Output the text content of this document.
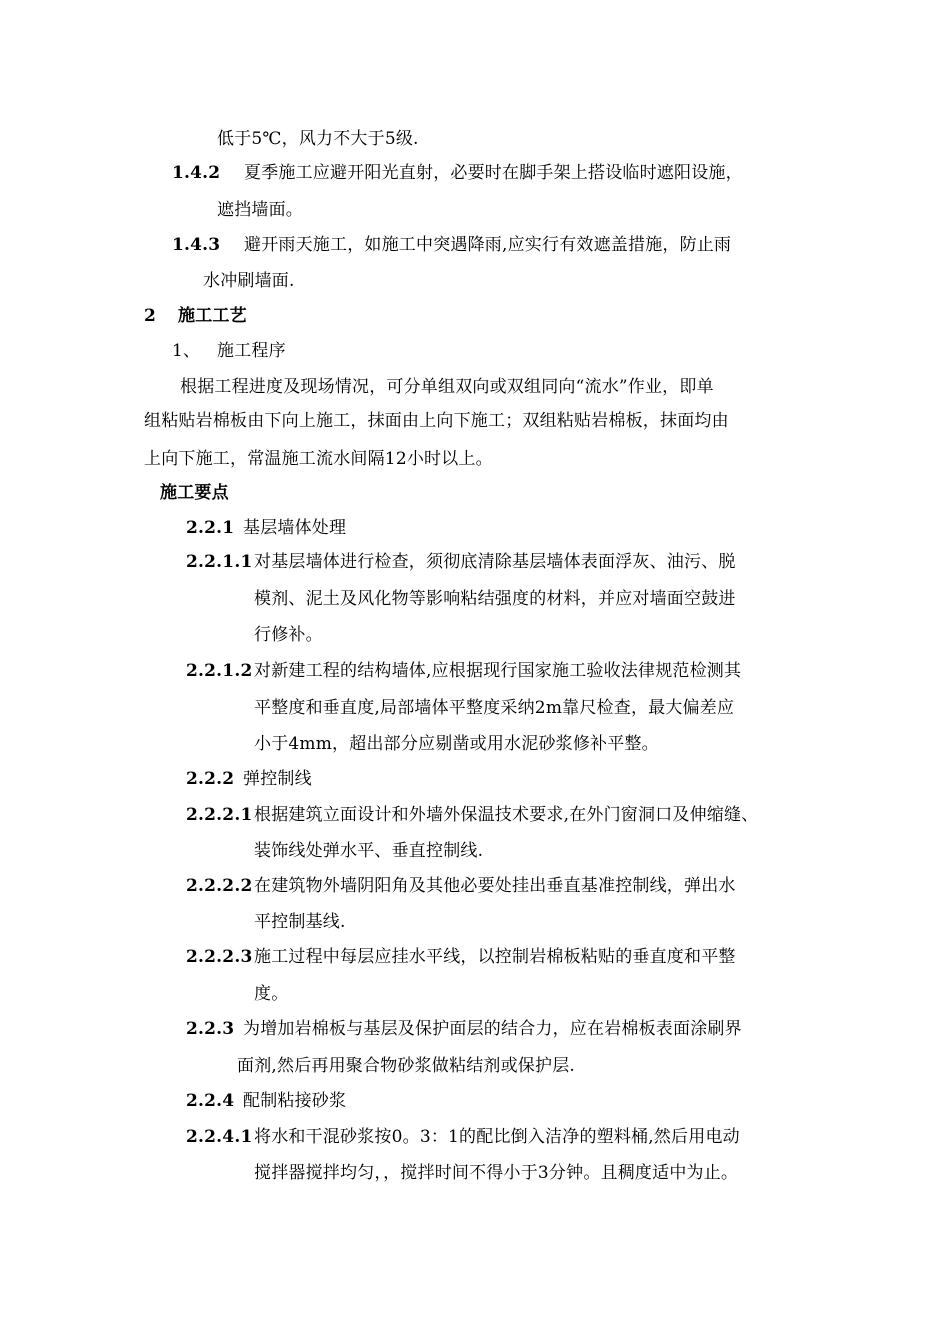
低于5℃，风力不大于5级.
1.4.2 夏季施工应避开阳光直射，必要时在脚手架上搭设临时遮阳设施，
遮挡墙面。
1.4.3 避开雨天施工，如施工中突遇降雨,应实行有效遮盖措施，防止雨
水冲刷墙面.
2 施工工艺
1、 施工程序
根据工程进度及现场情况，可分单组双向或双组同向“流水”作业，即单
组粘贴岩棉板由下向上施工，抹面由上向下施工；双组粘贴岩棉板，抹面均由
上向下施工，常温施工流水间隔12小时以上。
施工要点
2.2.1 基层墙体处理
2.2.1.1对基层墙体进行检查，须彻底清除基层墙体表面浮灰、油污、脱
模剂、泥土及风化物等影响粘结强度的材料，并应对墙面空鼓进
行修补。
2.2.1.2对新建工程的结构墙体,应根据现行国家施工验收法律规范检测其
平整度和垂直度,局部墙体平整度采纳2m靠尺检查，最大偏差应
小于4mm，超出部分应剔凿或用水泥砂浆修补平整。
2.2.2 弹控制线
2.2.2.1根据建筑立面设计和外墙外保温技术要求,在外门窗洞口及伸缩缝、
装饰线处弹水平、垂直控制线.
2.2.2.2在建筑物外墙阴阳角及其他必要处挂出垂直基准控制线，弹出水
平控制基线.
2.2.2.3施工过程中每层应挂水平线，以控制岩棉板粘贴的垂直度和平整
度。
2.2.3 为增加岩棉板与基层及保护面层的结合力，应在岩棉板表面涂刷界
面剂,然后再用聚合物砂浆做粘结剂或保护层.
2.2.4 配制粘接砂浆
2.2.4.1将水和干混砂浆按0。3：1的配比倒入洁净的塑料桶,然后用电动
搅拌器搅拌均匀，，搅拌时间不得小于3分钟。且稠度适中为止。
